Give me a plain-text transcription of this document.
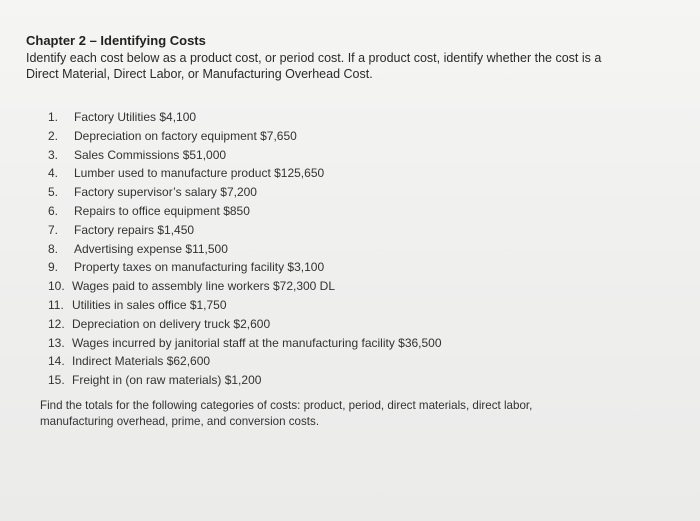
Chapter 2 – Identifying Costs
Identify each cost below as a product cost, or period cost. If a product cost, identify whether the cost is a
Direct Material, Direct Labor, or Manufacturing Overhead Cost.
1. Factory Utilities $4,100
2. Depreciation on factory equipment $7,650
3. Sales Commissions $51,000
4. Lumber used to manufacture product $125,650
5. Factory supervisor’s salary $7,200
6. Repairs to office equipment $850
7. Factory repairs $1,450
8. Advertising expense $11,500
9. Property taxes on manufacturing facility $3,100
10. Wages paid to assembly line workers $72,300 DL
11. Utilities in sales office $1,750
12. Depreciation on delivery truck $2,600
13. Wages incurred by janitorial staff at the manufacturing facility $36,500
14. Indirect Materials $62,600
15. Freight in (on raw materials) $1,200
Find the totals for the following categories of costs: product, period, direct materials, direct labor,
manufacturing overhead, prime, and conversion costs.
